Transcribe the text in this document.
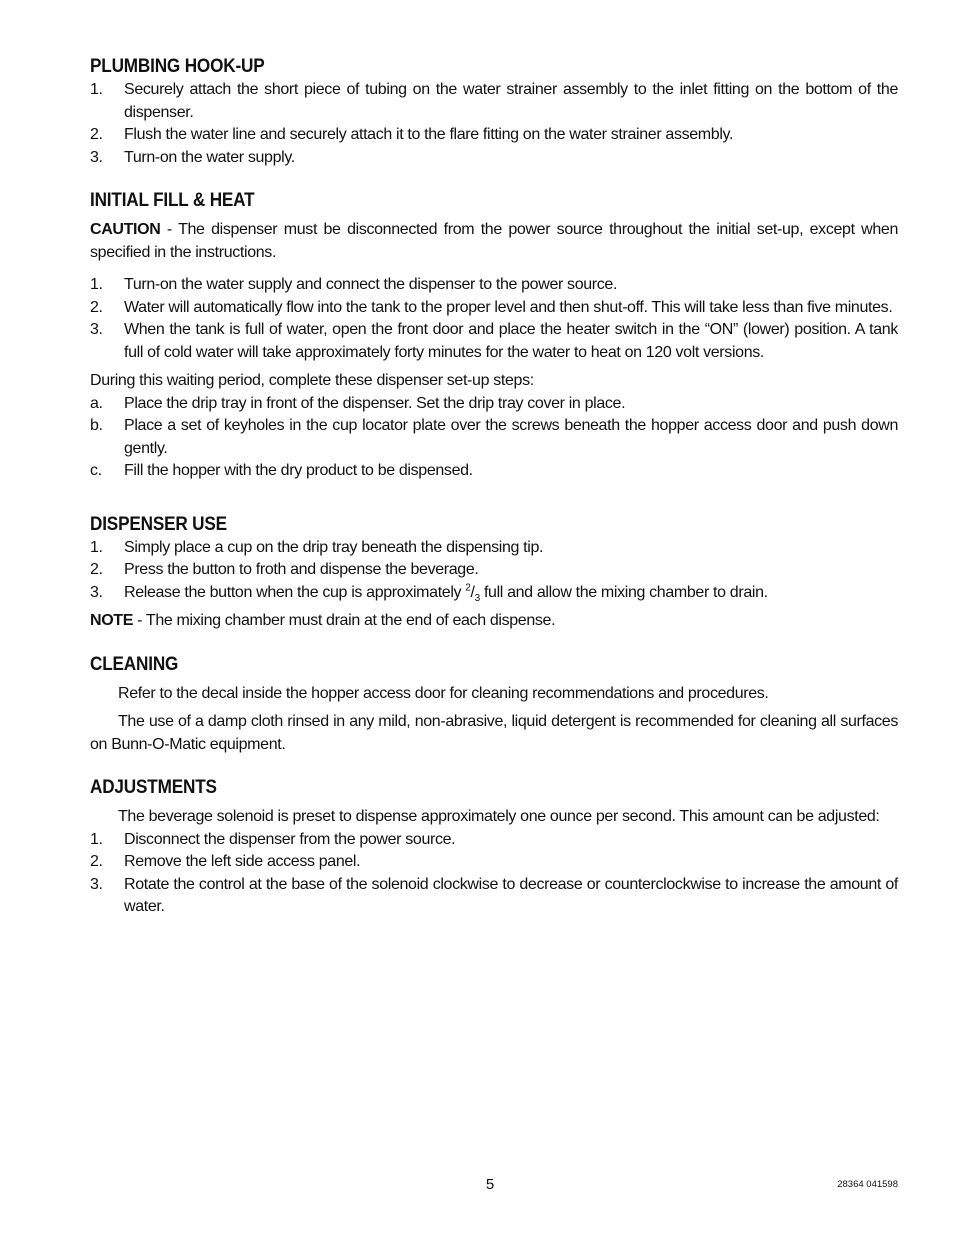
PLUMBING HOOK-UP
1. Securely attach the short piece of tubing on the water strainer assembly to the inlet fitting on the bottom of the dispenser.
2. Flush the water line and securely attach it to the flare fitting on the water strainer assembly.
3. Turn-on the water supply.
INITIAL FILL & HEAT

CAUTION - The dispenser must be disconnected from the power source throughout the initial set-up, except when specified in the instructions.

1. Turn-on the water supply and connect the dispenser to the power source.
2. Water will automatically flow into the tank to the proper level and then shut-off. This will take less than five minutes.
3. When the tank is full of water, open the front door and place the heater switch in the “ON” (lower) position. A tank full of cold water will take approximately forty minutes for the water to heat on 120 volt versions.

During this waiting period, complete these dispenser set-up steps:

a. Place the drip tray in front of the dispenser. Set the drip tray cover in place.
b. Place a set of keyholes in the cup locator plate over the screws beneath the hopper access door and push down gently.
c. Fill the hopper with the dry product to be dispensed.
DISPENSER USE
1. Simply place a cup on the drip tray beneath the dispensing tip.
2. Press the button to froth and dispense the beverage.
3. Release the button when the cup is approximately $^2/_3$ full and allow the mixing chamber to drain.

NOTE - The mixing chamber must drain at the end of each dispense.

CLEANING

Refer to the decal inside the hopper access door for cleaning recommendations and procedures.

The use of a damp cloth rinsed in any mild, non-abrasive, liquid detergent is recommended for cleaning all surfaces on Bunn-O-Matic equipment.

ADJUSTMENTS

The beverage solenoid is preset to dispense approximately one ounce per second. This amount can be adjusted:

1. Disconnect the dispenser from the power source.
2. Remove the left side access panel.
3. Rotate the control at the base of the solenoid clockwise to decrease or counterclockwise to increase the amount of water.
5	28364 041598
